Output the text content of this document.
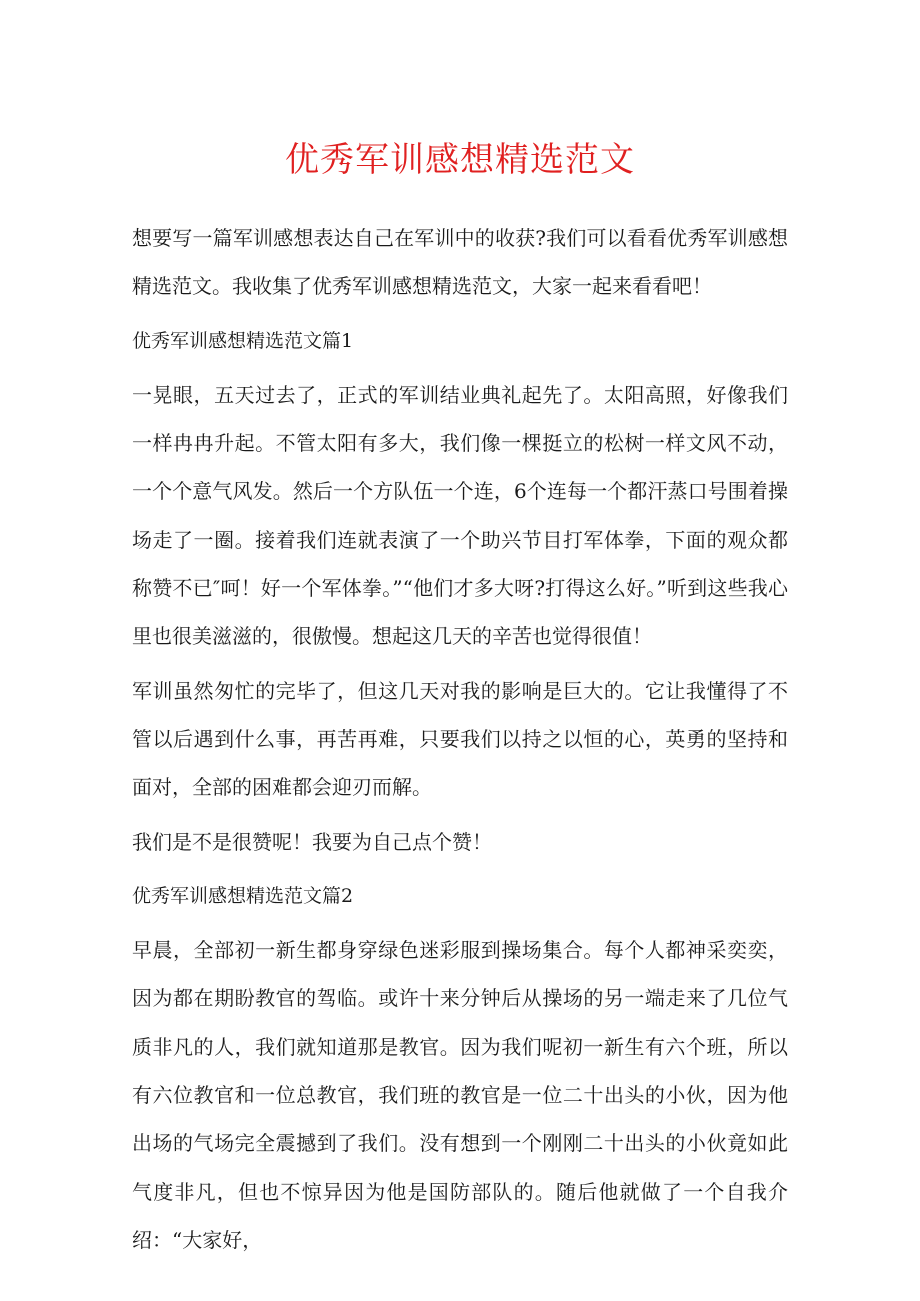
优秀军训感想精选范文

想要写一篇军训感想表达自己在军训中的收获?我们可以看看优秀军训感想精选范文。我收集了优秀军训感想精选范文，大家一起来看看吧！

优秀军训感想精选范文篇1

一晃眼，五天过去了，正式的军训结业典礼起先了。太阳高照，好像我们一样冉冉升起。不管太阳有多大，我们像一棵挺立的松树一样文风不动，一个个意气风发。然后一个方队伍一个连，6个连每一个都汗蒸口号围着操场走了一圈。接着我们连就表演了一个助兴节目打军体拳，下面的观众都称赞不已″呵！好一个军体拳。”“他们才多大呀?打得这么好。”听到这些我心里也很美滋滋的，很傲慢。想起这几天的辛苦也觉得很值！

军训虽然匆忙的完毕了，但这几天对我的影响是巨大的。它让我懂得了不管以后遇到什么事，再苦再难，只要我们以持之以恒的心，英勇的坚持和面对，全部的困难都会迎刃而解。

我们是不是很赞呢！我要为自己点个赞！

优秀军训感想精选范文篇2

早晨，全部初一新生都身穿绿色迷彩服到操场集合。每个人都神采奕奕，因为都在期盼教官的驾临。或许十来分钟后从操场的另一端走来了几位气质非凡的人，我们就知道那是教官。因为我们呢初一新生有六个班，所以有六位教官和一位总教官，我们班的教官是一位二十出头的小伙，因为他出场的气场完全震撼到了我们。没有想到一个刚刚二十出头的小伙竟如此气度非凡，但也不惊异因为他是国防部队的。随后他就做了一个自我介绍：“大家好，
